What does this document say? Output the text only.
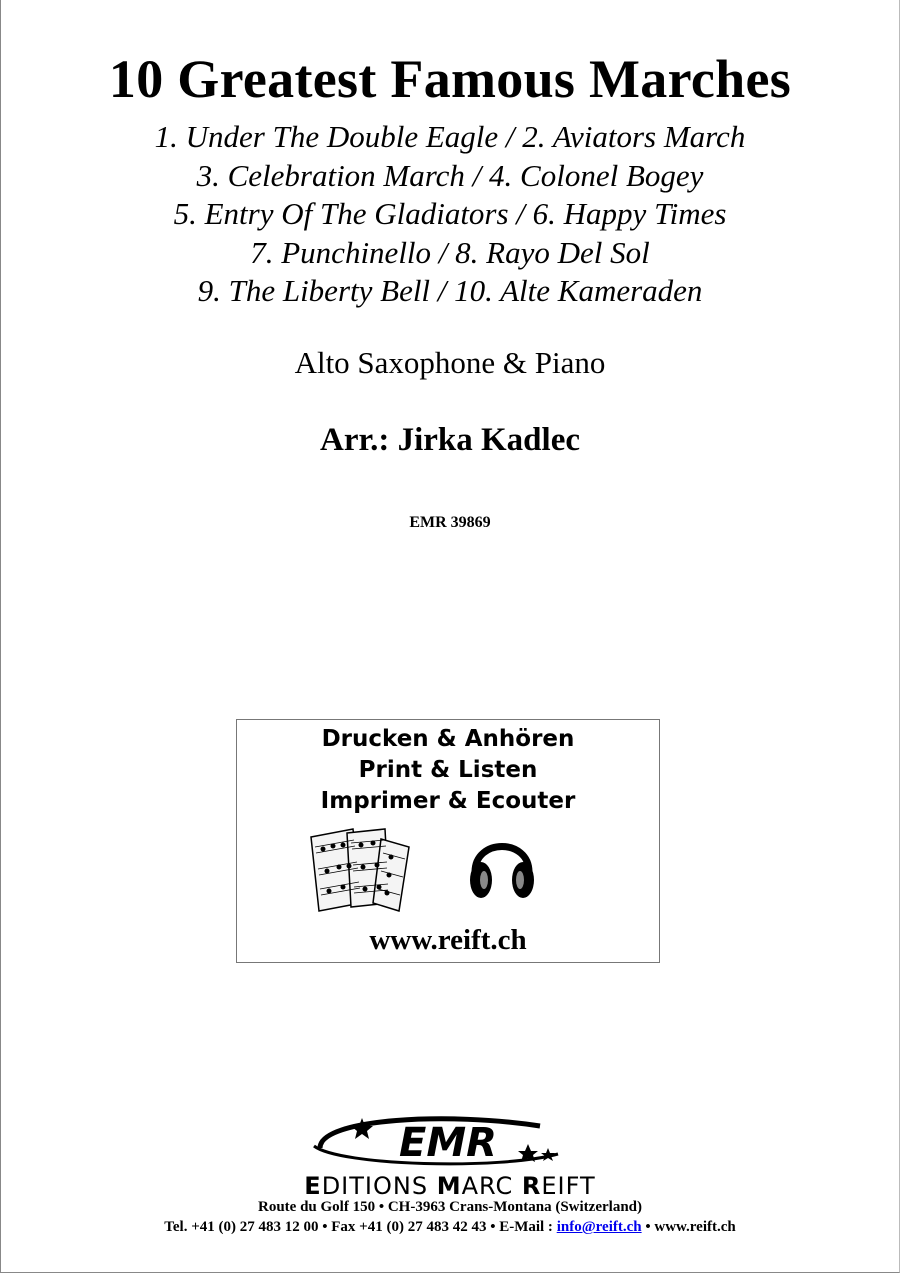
10 Greatest Famous Marches
1. Under The Double Eagle / 2. Aviators March
3. Celebration March / 4. Colonel Bogey
5. Entry Of The Gladiators / 6. Happy Times
7. Punchinello / 8. Rayo Del Sol
9. The Liberty Bell / 10. Alte Kameraden
Alto Saxophone & Piano
Arr.: Jirka Kadlec
EMR 39869
Drucken & Anhören
Print & Listen
Imprimer & Ecouter
www.reift.ch
EMR
EDITIONS MARC REIFT
Route du Golf 150 • CH-3963 Crans-Montana (Switzerland)
Tel. +41 (0) 27 483 12 00 • Fax +41 (0) 27 483 42 43 • E-Mail : info@reift.ch • www.reift.ch
